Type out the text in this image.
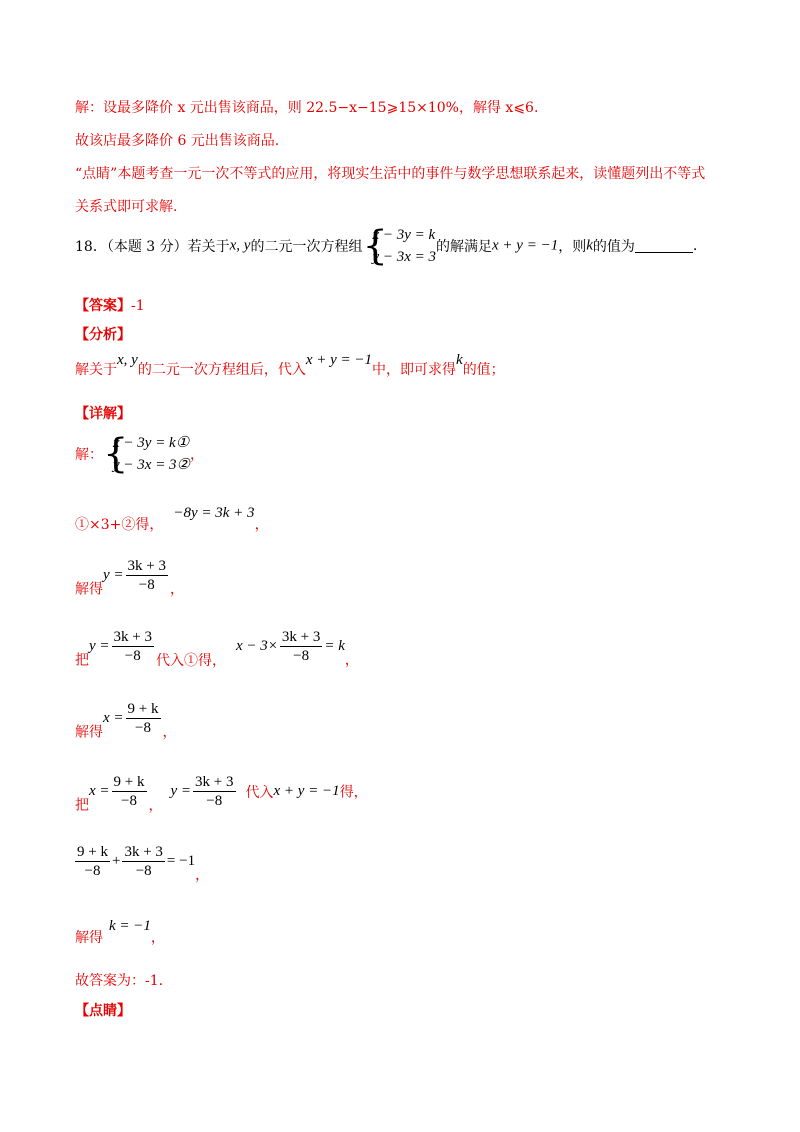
解：设最多降价 x 元出售该商品，则 22.5−x−15⩾15×10%，解得 x⩽6.
故该店最多降价 6 元出售该商品.
“点睛”本题考查一元一次不等式的应用，将现实生活中的事件与数学思想联系起来，读懂题列出不等式
关系式即可求解.
18．（本题 3 分）若关于x, y的二元一次方程组 {
x − 3y = k
y − 3x = 3
的解满足x + y = −1，则k的值为	.
【答案】-1
【分析】
解关于x, y的二元一次方程组后，代入x + y = −1中，即可求得k的值；
【详解】
解： {
x − 3y = k①
y − 3x = 3②
，
①×3+②得，−8y = 3k + 3，
解得$y = \frac{3k + 3}{-8}$ ，
把$y = \frac{3k + 3}{-8}$ 代入①得，$x - 3\times \frac{3k + 3}{-8} = k$，
解得$x = \frac{9 + k}{-8}$ ，
把$x = \frac{9 + k}{-8}$ ，$y = \frac{3k + 3}{-8}$ 代入x + y = −1得，
$\frac{9 + k}{-8} + \frac{3k + 3}{-8} = -1$，
解得k = −1，
故答案为：-1.
【点睛】
